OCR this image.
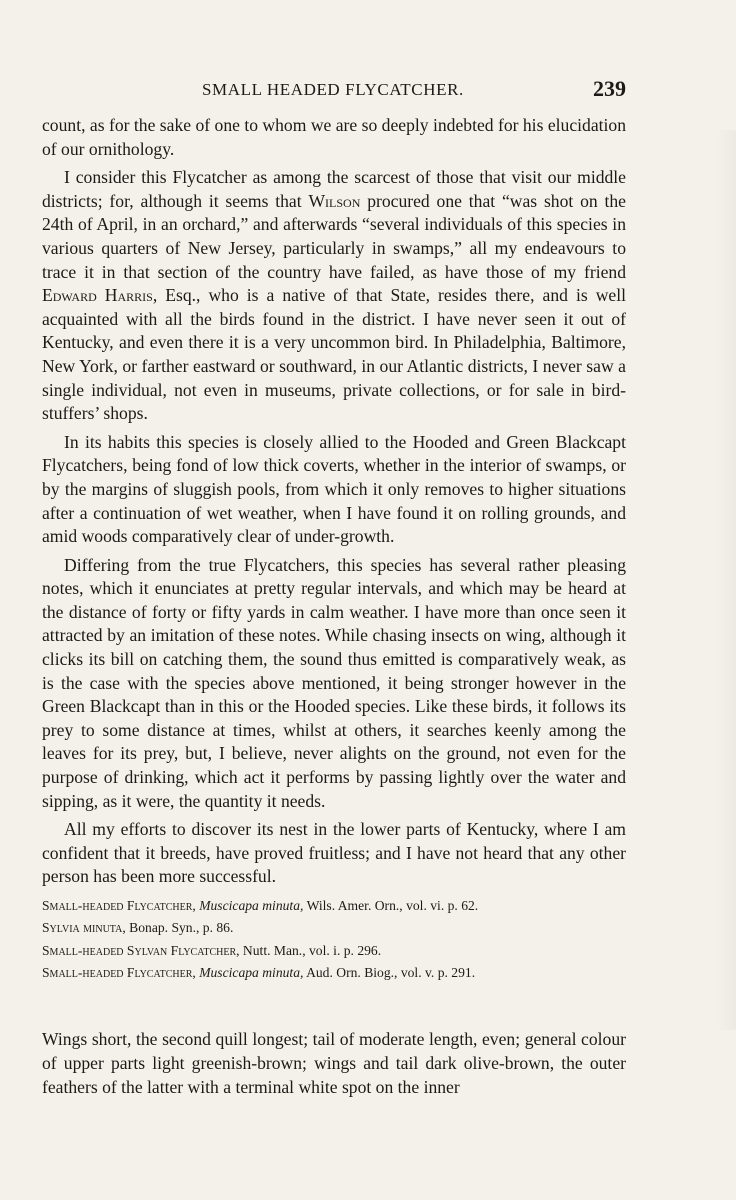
SMALL HEADED FLYCATCHER.	239

count, as for the sake of one to whom we are so deeply indebted for his elucidation of our ornithology.

I consider this Flycatcher as among the scarcest of those that visit our middle districts; for, although it seems that Wilson procured one that “was shot on the 24th of April, in an orchard,” and afterwards “several individuals of this species in various quarters of New Jersey, particularly in swamps,” all my endeavours to trace it in that section of the country have failed, as have those of my friend Edward Harris, Esq., who is a native of that State, resides there, and is well acquainted with all the birds found in the district. I have never seen it out of Kentucky, and even there it is a very uncommon bird. In Philadelphia, Baltimore, New York, or farther eastward or southward, in our Atlantic districts, I never saw a single individual, not even in museums, private collections, or for sale in bird-stuffers’ shops.

In its habits this species is closely allied to the Hooded and Green Blackcapt Flycatchers, being fond of low thick coverts, whether in the interior of swamps, or by the margins of sluggish pools, from which it only removes to higher situations after a continuation of wet weather, when I have found it on rolling grounds, and amid woods comparatively clear of under-growth.

Differing from the true Flycatchers, this species has several rather pleasing notes, which it enunciates at pretty regular intervals, and which may be heard at the distance of forty or fifty yards in calm weather. I have more than once seen it attracted by an imitation of these notes. While chasing insects on wing, although it clicks its bill on catching them, the sound thus emitted is comparatively weak, as is the case with the species above mentioned, it being stronger however in the Green Blackcapt than in this or the Hooded species. Like these birds, it follows its prey to some distance at times, whilst at others, it searches keenly among the leaves for its prey, but, I believe, never alights on the ground, not even for the purpose of drinking, which act it performs by passing lightly over the water and sipping, as it were, the quantity it needs.

All my efforts to discover its nest in the lower parts of Kentucky, where I am confident that it breeds, have proved fruitless; and I have not heard that any other person has been more successful.

Small-headed Flycatcher, Muscicapa minuta, Wils. Amer. Orn., vol. vi. p. 62.
Sylvia minuta, Bonap. Syn., p. 86.
Small-headed Sylvan Flycatcher, Nutt. Man., vol. i. p. 296.
Small-headed Flycatcher, Muscicapa minuta, Aud. Orn. Biog., vol. v. p. 291.

Wings short, the second quill longest; tail of moderate length, even; general colour of upper parts light greenish-brown; wings and tail dark olive-brown, the outer feathers of the latter with a terminal white spot on the inner
